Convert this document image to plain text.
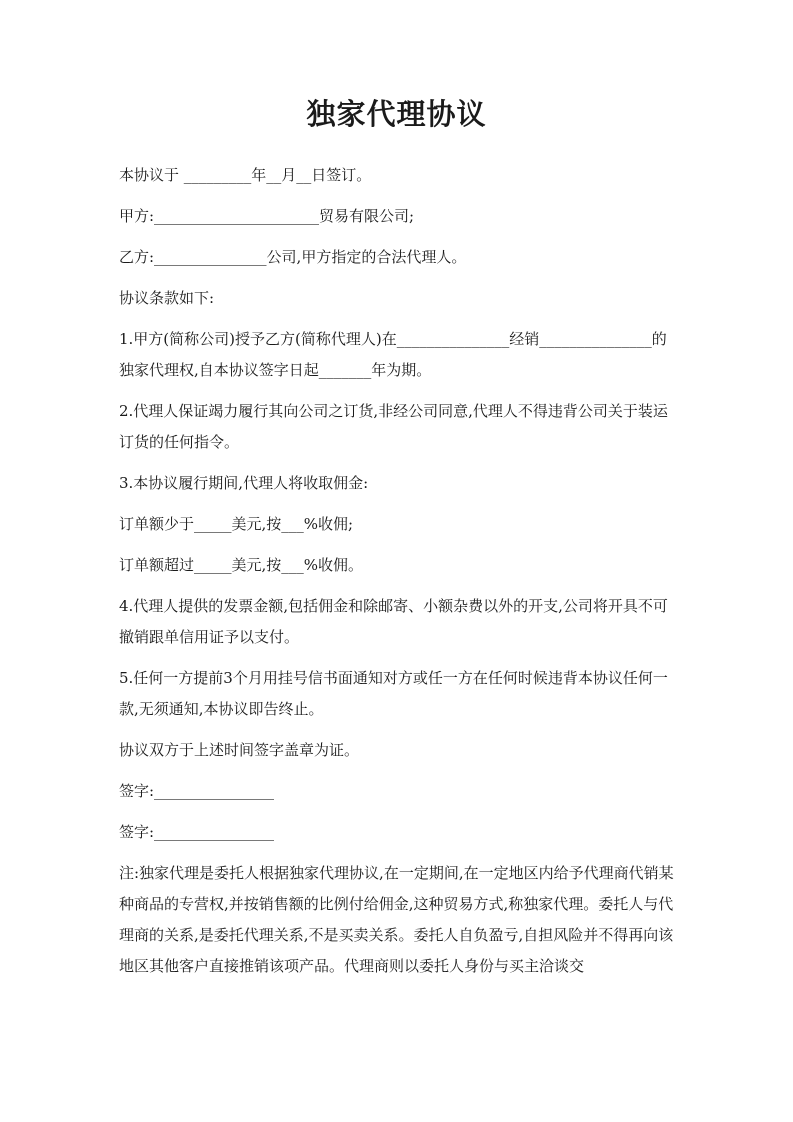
独家代理协议

本协议于 _________年__月__日签订。

甲方:______________________贸易有限公司;

乙方:_______________公司,甲方指定的合法代理人。

协议条款如下:

1.甲方(简称公司)授予乙方(简称代理人)在_______________经销_______________的独家代理权,自本协议签字日起_______年为期。

2.代理人保证竭力履行其向公司之订货,非经公司同意,代理人不得违背公司关于装运订货的任何指令。

3.本协议履行期间,代理人将收取佣金:

订单额少于_____美元,按___%收佣;

订单额超过_____美元,按___%收佣。

4.代理人提供的发票金额,包括佣金和除邮寄、小额杂费以外的开支,公司将开具不可撤销跟单信用证予以支付。

5.任何一方提前3个月用挂号信书面通知对方或任一方在任何时候违背本协议任何一款,无须通知,本协议即告终止。

协议双方于上述时间签字盖章为证。

签字:________________

签字:________________

注:独家代理是委托人根据独家代理协议,在一定期间,在一定地区内给予代理商代销某种商品的专营权,并按销售额的比例付给佣金,这种贸易方式,称独家代理。委托人与代理商的关系,是委托代理关系,不是买卖关系。委托人自负盈亏,自担风险并不得再向该地区其他客户直接推销该项产品。代理商则以委托人身份与买主洽谈交
